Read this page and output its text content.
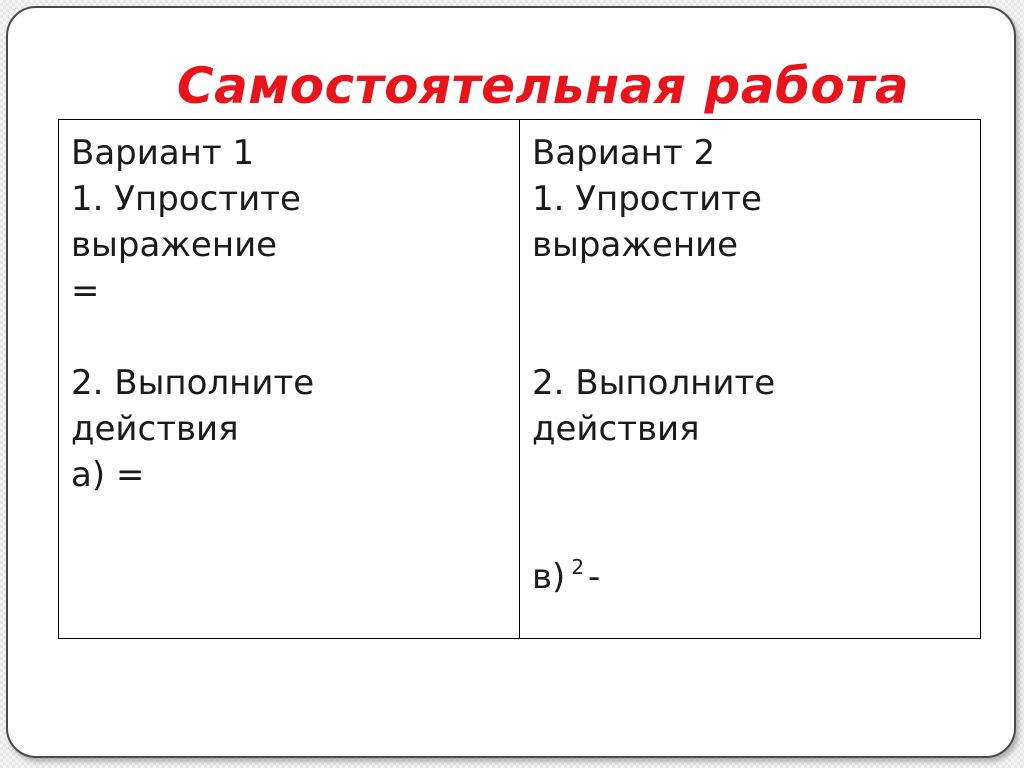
Самостоятельная работа

Вариант 1

1. Упростите

выражение

=

2. Выполните

действия

а) =

Вариант 2

1. Упростите

выражение

2. Выполните

действия

в) $^2$ -
